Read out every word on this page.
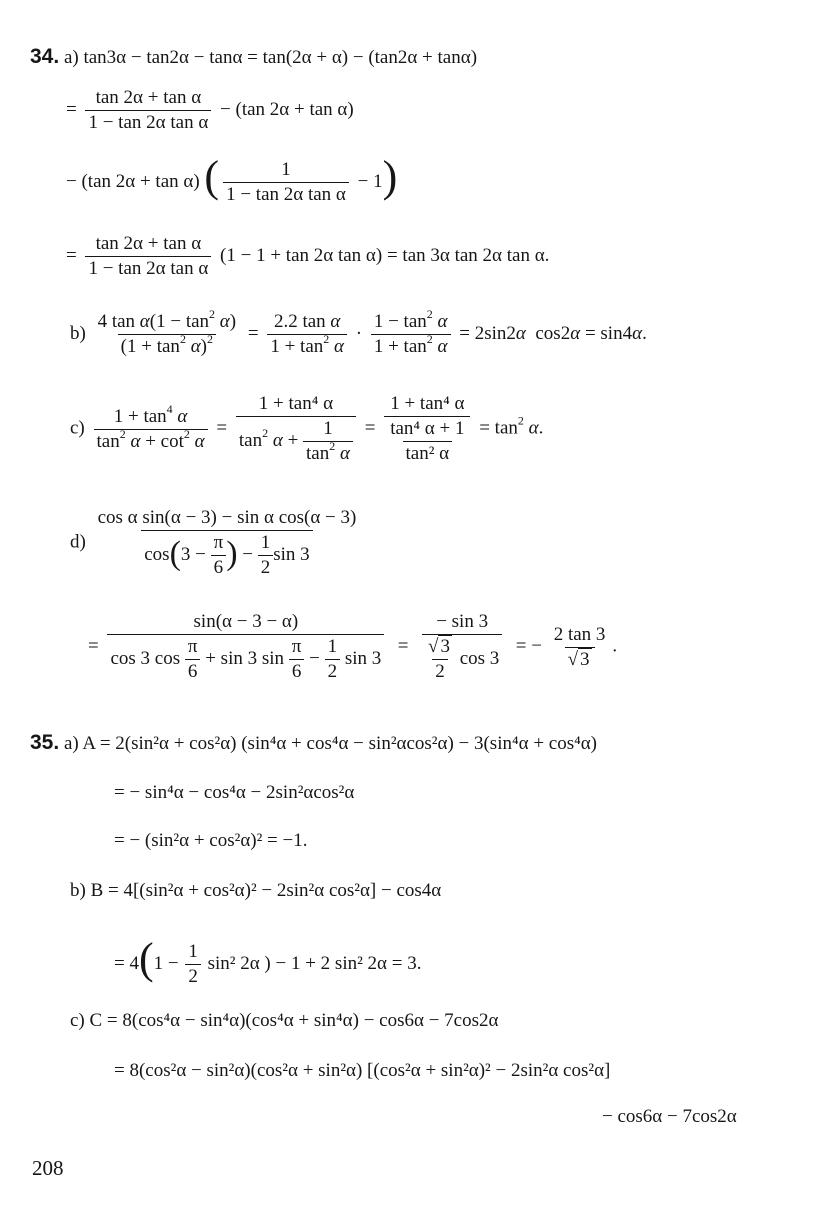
34. a) tan3α − tan2α − tanα = tan(2α + α) − (tan2α + tanα)
= $\frac{\text{tan 2α + tan α}}{\text{1 − tan 2α tan α}} - (\tan$ 2α + tan α)
− (tan 2α + tan α) ( $\frac{1}{\text{1 − tan 2α tan α}} - 1$)
= $\frac{\text{tan 2α + tan α}}{\text{1 − tan 2α tan α}} (1 - 1 + \tan 2\alpha$ tan α) = tan 3α tan 2α tan α.
$b) \frac{4 \tan \alpha(1 - \tan^2 \alpha)}{(1 + \tan^2 \alpha)^2} = \frac{\text{2.2 tan α}}{1 + \tan^2 \alpha} \cdot \frac{1 - \tan^2 \alpha}{1 + \tan^2 \alpha} = 2\sin 2\alpha$  cos2α = sin4α.
$c) \frac{1 + \tan^4 \alpha}{\tan^2 \alpha + \cot^2 \alpha} = \frac{\text{1 + tan⁴ α}}{\tan^2 \alpha + \frac{1}{\tan^2 \alpha}} = \frac{\text{1 + tan⁴ α}}{\frac{\text{tan⁴ α + 1}}{\text{tan² α}}} = \tan^2 \alpha$.
$d) \frac{\text{cos α sin(α − 3) − sin α cos(α − 3)}}{\cos(3 - \frac{\pi}{6} ) - \frac{1}{2} \sin 3}$
= $\frac{\sin(\alpha - 3 - \alpha)}{\cos 3 \cos \frac{\pi}{6} + \sin 3 \sin \frac{\pi}{6} - \frac{1}{2} \sin 3} = \frac{- \sin 3}{\frac{√ 3}{2} \cos 3}$ = − $\frac{2 \tan 3}{√ 3}$ .
35. a) A = 2(sin²α + cos²α) (sin⁴α + cos⁴α − sin²αcos²α) − 3(sin⁴α + cos⁴α)
= − sin⁴α − cos⁴α − 2sin²αcos²α
= − (sin²α + cos²α)² = −1.
b) B = 4[(sin²α + cos²α)² − 2sin²α cos²α] − cos4α
= $4(1 - \frac{1}{2} \sin^2$ 2α ) − 1 + 2 sin² 2α = 3.
c) C = 8(cos⁴α − sin⁴α)(cos⁴α + sin⁴α) − cos6α − 7cos2α
= 8(cos²α − sin²α)(cos²α + sin²α) [(cos²α + sin²α)² − 2sin²α cos²α]
− cos6α − 7cos2α
208
